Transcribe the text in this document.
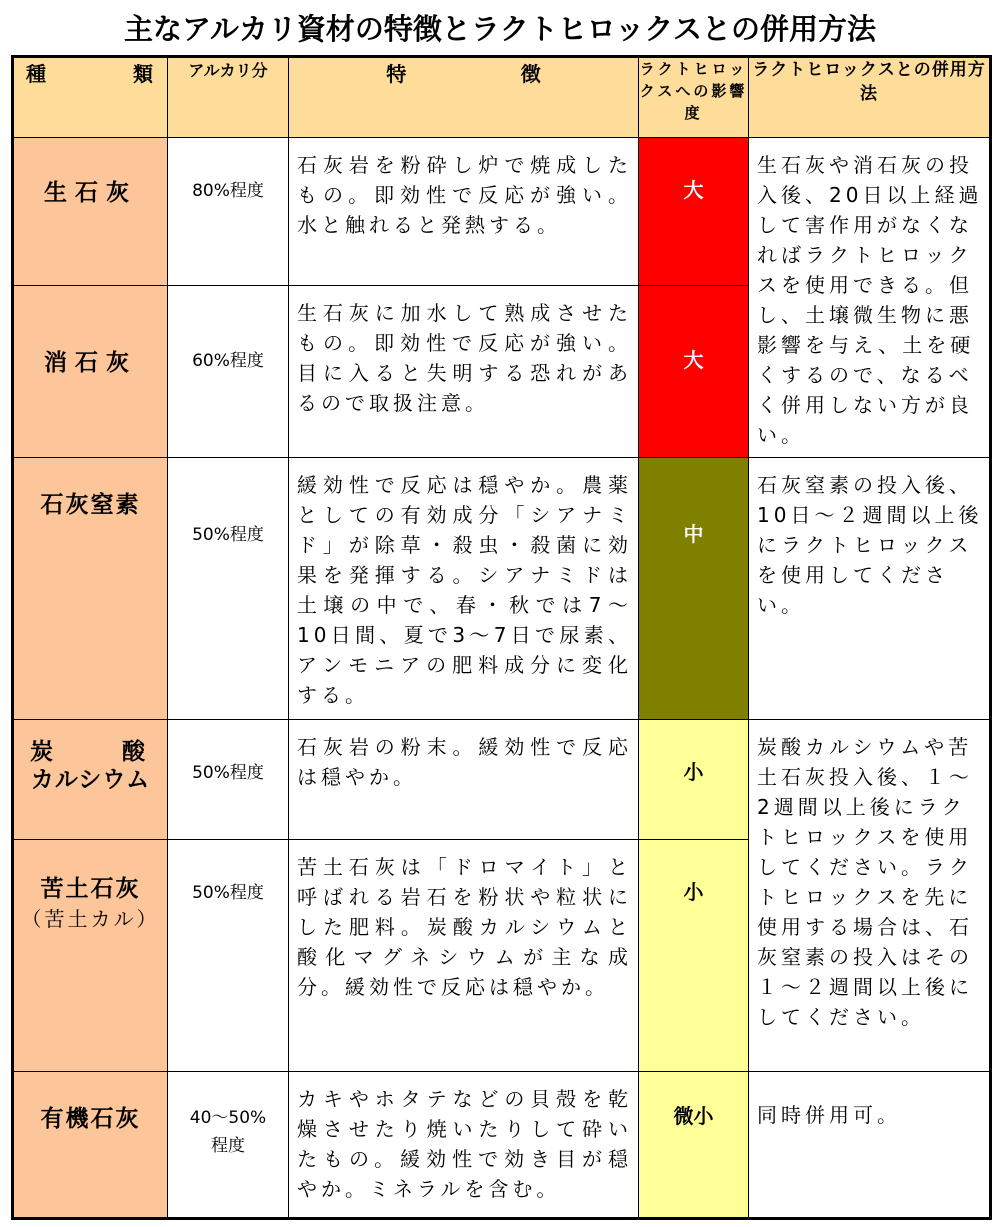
主なアルカリ資材の特徴とラクトヒロックスとの併用方法
種 類	アルカリ分	特 徴	ラクトヒロックスへの影響度	ラクトヒロックスとの併用方法

生石灰	80%程度	石灰岩を粉砕し炉で焼成したもの。即効性で反応が強い。水と触れると発熱する。	大	生石灰や消石灰の投入後、20日以上経過して害作用がなくなればラクトヒロックスを使用できる。但し、土壌微生物に悪影響を与え、土を硬くするので、なるべく併用しない方が良い。

消石灰	60%程度	生石灰に加水して熟成させたもの。即効性で反応が強い。目に入ると失明する恐れがあるので取扱注意。	大	

石灰窒素	50%程度	緩効性で反応は穏やか。農薬としての有効成分「シアナミド」が除草・殺虫・殺菌に効果を発揮する。シアナミドは土壌の中で、春・秋では7～10日間、夏で3～7日で尿素、アンモニアの肥料成分に変化する。	中	石灰窒素の投入後、10日～２週間以上後にラクトヒロックスを使用してください。

炭 酸
カルシウム	50%程度	石灰岩の粉末。緩効性で反応は穏やか。	小	炭酸カルシウムや苦土石灰投入後、１～2週間以上後にラクトヒロックスを使用してください。ラクトヒロックスを先に使用する場合は、石灰窒素の投入はその１～２週間以上後にしてください。

苦土石灰
（苦土カル）	50%程度	苦土石灰は「ドロマイト」と呼ばれる岩石を粉状や粒状にした肥料。炭酸カルシウムと酸化マグネシウムが主な成分。緩効性で反応は穏やか。	小	

有機石灰	40～50%
程度	カキやホタテなどの貝殻を乾燥させたり焼いたりして砕いたもの。緩効性で効き目が穏やか。ミネラルを含む。	微小	同時併用可。
